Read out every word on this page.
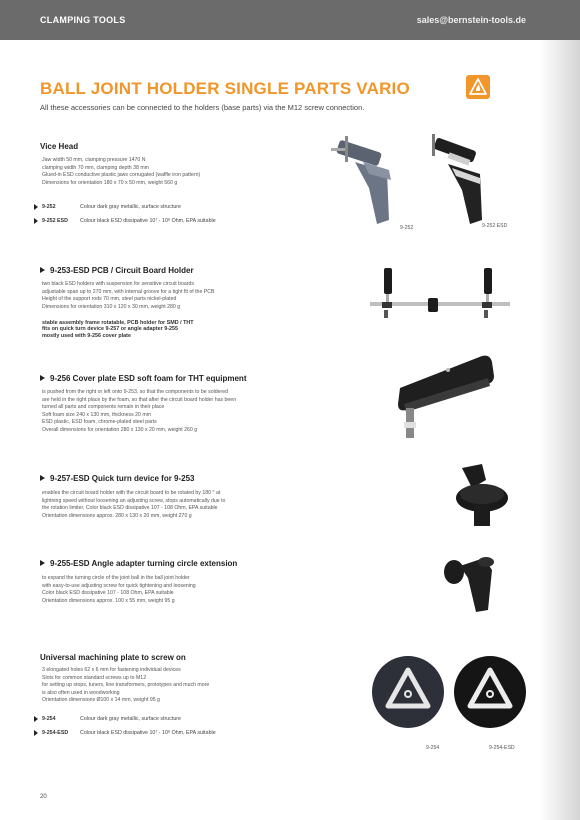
CLAMPING TOOLS	sales@bernstein-tools.de
BALL JOINT HOLDER SINGLE PARTS VARIO
All these accessories can be connected to the holders (base parts) via the M12 screw connection.
Vice Head

Jaw width 50 mm, clamping pressure 1470 N

clamping width 70 mm, clamping depth 38 mm

Glued-in ESD conductive plastic jaws corrugated (waffle iron pattern)

Dimensions for orientation 180 x 70 x 50 mm, weight 560 g

9-252	Colour dark gray metallic, surface structure
9-252 ESD Colour black ESD dissipative 10⁷ - 10⁸ Ohm, EPA suitable
9-252	9-252 ESD
9-253-ESD PCB / Circuit Board Holder

two black ESD holders with suspension for sensitive circuit boards

adjustable span up to 270 mm, with internal groove for a tight fit of the PCB

Height of the support rods 70 mm, steel parts nickel-plated

Dimensions for orientation 310 x 120 x 30 mm, weight 280 g

stable assembly frame rotatable, PCB holder for SMD / THT

fits on quick turn device 9-257 or angle adapter 9-255

mostly used with 9-256 cover plate

9-256 Cover plate ESD soft foam for THT equipment

is pushed from the right or left onto 9-253, so that the components to be soldered

are held in the right place by the foam, so that after the circuit board holder has been

turned all parts and components remain in their place

Soft foam size 240 x 130 mm, thickness 20 mm

ESD plastic, ESD foam, chrome-plated steel parts

Overall dimensions for orientation 280 x 130 x 20 mm, weight 260 g

9-257-ESD Quick turn device for 9-253

enables the circuit board holder with the circuit board to be rotated by 180 ° at

lightning speed without loosening an adjusting screw, stops automatically due to

the rotation limiter, Color black ESD dissipative 107 - 108 Ohm, EPA suitable

Orientation dimensions approx. 280 x 130 x 20 mm, weight 270 g

9-255-ESD Angle adapter turning circle extension

to expand the turning circle of the joint ball in the ball joint holder

with easy-to-use adjusting screw for quick tightening and loosening

Color black ESD dissipative 107 - 108 Ohm, EPA suitable

Orientation dimensions approx. 100 x 55 mm, weight 95 g

Universal machining plate to screw on

3 elongated holes 62 x 6 mm for fastening individual devices

Slots for common standard screws up to M12

for setting up stops, tuners, line transformers, prototypes and much more

is also often used in woodworking

Orientation dimensions Ø100 x 14 mm, weight 95 g

9-254	Colour dark gray metallic, surface structure
9-254-ESD Colour black ESD dissipative 10⁷ - 10⁸ Ohm, EPA suitable
9-254	9-254-ESD
20
